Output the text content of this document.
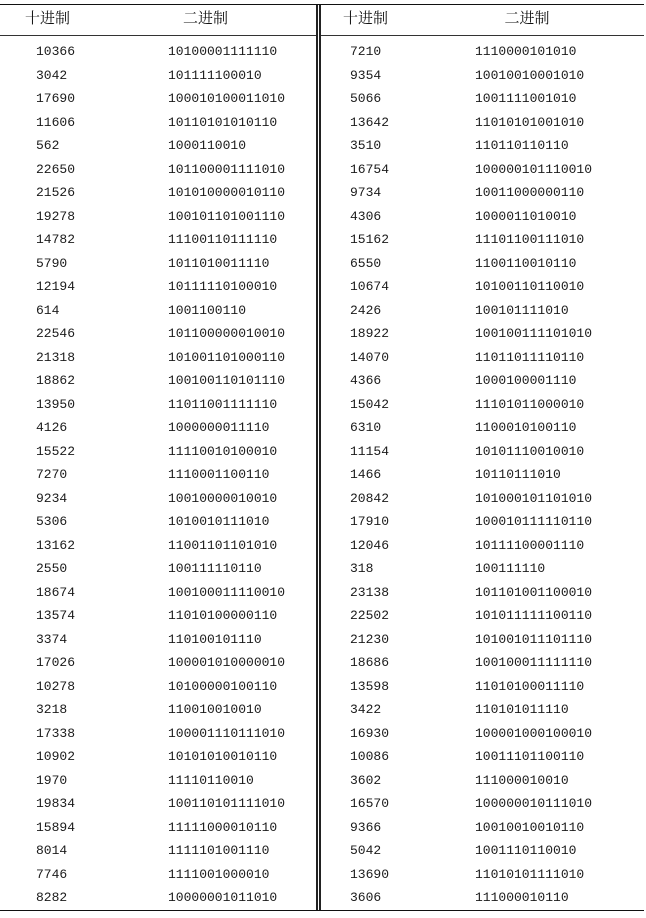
十进制	二进制
10366	10100001111110
3042	101111100010
17690	100010100011010
11606	10110101010110
562	1000110010
22650	101100001111010
21526	101010000010110
19278	100101101001110
14782	11100110111110
5790	1011010011110
12194	10111110100010
614	1001100110
22546	101100000010010
21318	101001101000110
18862	100100110101110
13950	11011001111110
4126	1000000011110
15522	11110010100010
7270	1110001100110
9234	10010000010010
5306	1010010111010
13162	11001101101010
2550	100111110110
18674	100100011110010
13574	11010100000110
3374	110100101110
17026	100001010000010
10278	10100000100110
3218	110010010010
17338	100001110111010
10902	10101010010110
1970	11110110010
19834	100110101111010
15894	11111000010110
8014	1111101001110
7746	1111001000010
8282	10000001011010
十进制	二进制
7210	1110000101010
9354	10010010001010
5066	1001111001010
13642	11010101001010
3510	110110110110
16754	100000101110010
9734	10011000000110
4306	1000011010010
15162	11101100111010
6550	1100110010110
10674	10100110110010
2426	100101111010
18922	100100111101010
14070	11011011110110
4366	1000100001110
15042	11101011000010
6310	1100010100110
11154	10101110010010
1466	10110111010
20842	101000101101010
17910	100010111110110
12046	10111100001110
318	100111110
23138	101101001100010
22502	101011111100110
21230	101001011101110
18686	100100011111110
13598	11010100011110
3422	110101011110
16930	100001000100010
10086	10011101100110
3602	111000010010
16570	100000010111010
9366	10010010010110
5042	1001110110010
13690	11010101111010
3606	111000010110
